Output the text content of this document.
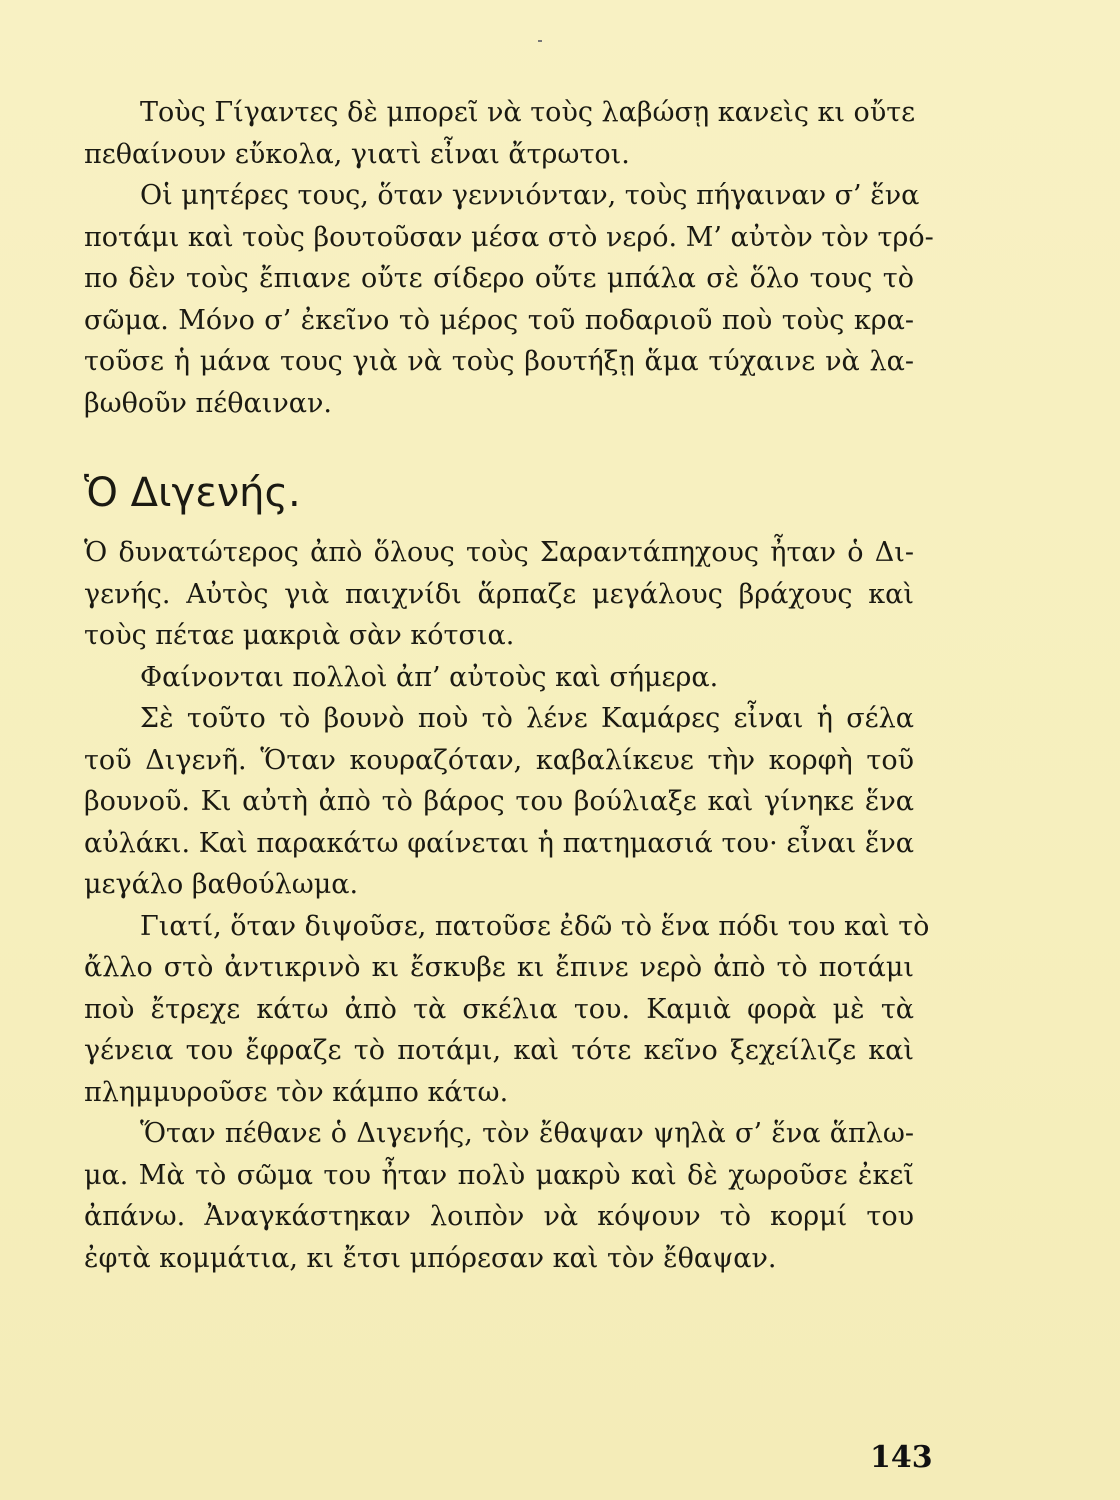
Τοὺς Γίγαντες δὲ μπορεῖ νὰ τοὺς λαβώσῃ κανεὶς κι οὔτε
πεθαίνουν εὔκολα, γιατὶ εἶναι ἄτρωτοι.
Οἱ μητέρες τους, ὅταν γεννιόνταν, τοὺς πήγαιναν σ’ ἕνα
ποτάμι καὶ τοὺς βουτοῦσαν μέσα στὸ νερό. Μ’ αὐτὸν τὸν τρό-
πο δὲν τοὺς ἔπιανε οὔτε σίδερο οὔτε μπάλα σὲ ὅλο τους τὸ
σῶμα. Μόνο σ’ ἐκεῖνο τὸ μέρος τοῦ ποδαριοῦ ποὺ τοὺς κρα-
τοῦσε ἡ μάνα τους γιὰ νὰ τοὺς βουτήξῃ ἅμα τύχαινε νὰ λα-
βωθοῦν πέθαιναν.
Ὁ Διγενής.
Ὁ δυνατώτερος ἀπὸ ὅλους τοὺς Σαραντάπηχους ἦταν ὁ Δι-
γενής. Αὐτὸς γιὰ παιχνίδι ἅρπαζε μεγάλους βράχους καὶ
τοὺς πέταε μακριὰ σὰν κότσια.
Φαίνονται πολλοὶ ἀπ’ αὐτοὺς καὶ σήμερα.
Σὲ τοῦτο τὸ βουνὸ ποὺ τὸ λένε Καμάρες εἶναι ἡ σέλα
τοῦ Διγενῆ. Ὅταν κουραζόταν, καβαλίκευε τὴν κορφὴ τοῦ
βουνοῦ. Κι αὐτὴ ἀπὸ τὸ βάρος του βούλιαξε καὶ γίνηκε ἕνα
αὐλάκι. Καὶ παρακάτω φαίνεται ἡ πατημασιά του· εἶναι ἕνα
μεγάλο βαθούλωμα.
Γιατί, ὅταν διψοῦσε, πατοῦσε ἐδῶ τὸ ἕνα πόδι του καὶ τὸ
ἄλλο στὸ ἀντικρινὸ κι ἔσκυβε κι ἔπινε νερὸ ἀπὸ τὸ ποτάμι
ποὺ ἔτρεχε κάτω ἀπὸ τὰ σκέλια του. Καμιὰ φορὰ μὲ τὰ
γένεια του ἔφραζε τὸ ποτάμι, καὶ τότε κεῖνο ξεχείλιζε καὶ
πλημμυροῦσε τὸν κάμπο κάτω.
Ὅταν πέθανε ὁ Διγενής, τὸν ἔθαψαν ψηλὰ σ’ ἕνα ἅπλω-
μα. Μὰ τὸ σῶμα του ἦταν πολὺ μακρὺ καὶ δὲ χωροῦσε ἐκεῖ
ἀπάνω. Ἀναγκάστηκαν λοιπὸν νὰ κόψουν τὸ κορμί του
ἐφτὰ κομμάτια, κι ἔτσι μπόρεσαν καὶ τὸν ἔθαψαν.
143
